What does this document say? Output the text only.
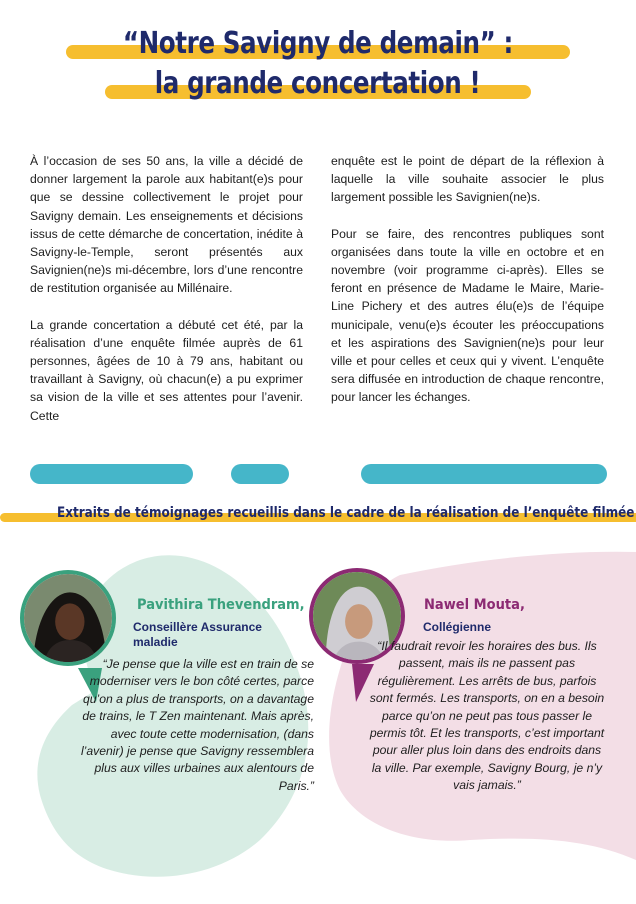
“Notre Savigny de demain” :

la grande concertation !

À l’occasion de ses 50 ans, la ville a décidé de donner largement la parole aux habitant(e)s pour que se dessine collectivement le projet pour Savigny demain. Les enseignements et décisions issus de cette démarche de concertation, inédite à Savigny-le-Temple, seront présentés aux Savignien(ne)s mi-décembre, lors d’une rencontre de restitution organisée au Millénaire.

La grande concertation a débuté cet été, par la réalisation d’une enquête filmée auprès de 61 personnes, âgées de 10 à 79 ans, habitant ou travaillant à Savigny, où chacun(e) a pu exprimer sa vision de la ville et ses attentes pour l’avenir. Cette

enquête est le point de départ de la réflexion à laquelle la ville souhaite associer le plus largement possible les Savignien(ne)s.

Pour se faire, des rencontres publiques sont organisées dans toute la ville en octobre et en novembre (voir programme ci-après). Elles se feront en présence de Madame le Maire, Marie-Line Pichery et des autres élu(e)s de l’équipe municipale, venu(e)s écouter les préoccupations et les aspirations des Savignien(ne)s pour leur ville et pour celles et ceux qui y vivent. L’enquête sera diffusée en introduction de chaque rencontre, pour lancer les échanges.

Extraits de témoignages recueillis dans le cadre de la réalisation de l’enquête filmée
Pavithira Thevendram,
Conseillère Assurance
maladie
“Je pense que la ville est en train de se moderniser vers le bon côté certes, parce qu’on a plus de transports, on a davantage de trains, le T Zen maintenant. Mais après, avec toute cette modernisation, (dans l’avenir) je pense que Savigny ressemblera plus aux villes urbaines aux alentours de Paris.”
Nawel Mouta,
Collégienne
“Il faudrait revoir les horaires des bus. Ils passent, mais ils ne passent pas régulièrement. Les arrêts de bus, parfois sont fermés. Les transports, on en a besoin parce qu’on ne peut pas tous passer le permis tôt. Et les transports, c’est important pour aller plus loin dans des endroits dans la ville. Par exemple, Savigny Bourg, je n’y vais jamais.”
